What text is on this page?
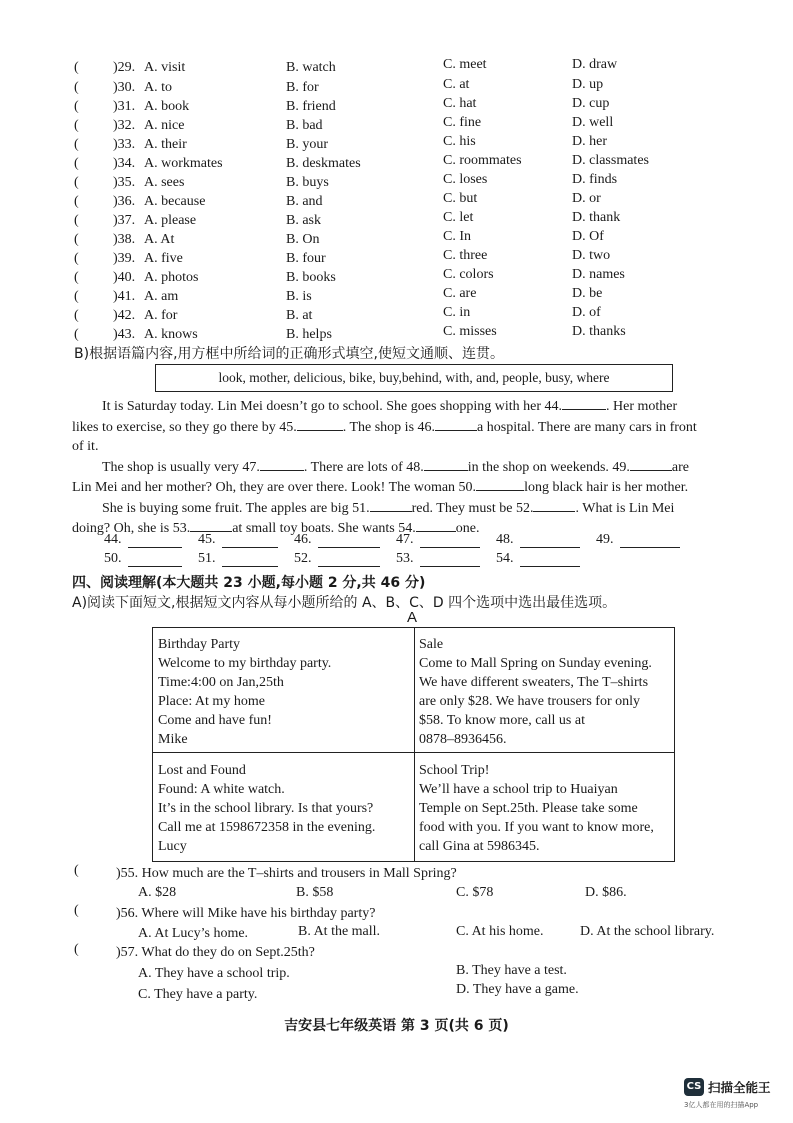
( )29. A. visit	B. watch	C. meet	D. draw
( )30. A. to	B. for	C. at	D. up
( )31. A. book	B. friend	C. hat	D. cup
( )32. A. nice	B. bad	C. fine	D. well
( )33. A. their	B. your	C. his	D. her
( )34. A. workmates	B. deskmates	C. roommates	D. classmates
( )35. A. sees	B. buys	C. loses	D. finds
( )36. A. because	B. and	C. but	D. or
( )37. A. please	B. ask	C. let	D. thank
( )38. A. At	B. On	C. In	D. Of
( )39. A. five	B. four	C. three	D. two
( )40. A. photos	B. books	C. colors	D. names
( )41. A. am	B. is	C. are	D. be
( )42. A. for	B. at	C. in	D. of
( )43. A. knows	B. helps	C. misses	D. thanks
B)根据语篇内容,用方框中所给词的正确形式填空,使短文通顺、连贯。
look, mother, delicious, bike, buy,behind, with, and, people, busy, where
It is Saturday today. Lin Mei doesn’t go to school. She goes shopping with her 44.	. Her mother
likes to exercise, so they go there by 45.	. The shop is 46.	a hospital. There are many cars in front
of it.
The shop is usually very 47.	. There are lots of 48.	in the shop on weekends. 49.	are
Lin Mei and her mother? Oh, they are over there. Look! The woman 50.	long black hair is her mother.
She is buying some fruit. The apples are big 51.	red. They must be 52.	. What is Lin Mei
doing? Oh, she is 53.	at small toy boats. She wants 54.	one.
44.	45.	46.	47.	48.	49.
50.	51.	52.	53.	54.
四、阅读理解(本大题共 23 小题,每小题 2 分,共 46 分)
A)阅读下面短文,根据短文内容从每小题所给的 A、B、C、D 四个选项中选出最佳选项。
A
Birthday Party
Welcome to my birthday party.
Time:4:00 on Jan,25th
Place: At my home
Come and have fun!
Mike
Sale
Come to Mall Spring on Sunday evening.
We have different sweaters, The T–shirts
are only $28. We have trousers for only
$58. To know more, call us at
0878–8936456.
Lost and Found
Found: A white watch.
It’s in the school library. Is that yours?
Call me at 1598672358 in the evening.
Lucy
School Trip!
We’ll have a school trip to Huaiyan
Temple on Sept.25th. Please take some
food with you. If you want to know more,
call Gina at 5986345.
(	)55. How much are the T–shirts and trousers in Mall Spring?
A. $28	B. $58	C. $78	D. $86.
(	)56. Where will Mike have his birthday party?
A. At Lucy’s home.	B. At the mall.	C. At his home.	D. At the school library.
(	)57. What do they do on Sept.25th?
A. They have a school trip.	B. They have a test.
C. They have a party.	D. They have a game.
吉安县七年级英语 第 3 页(共 6 页)
CS 扫描全能王
3亿人都在用的扫描App
